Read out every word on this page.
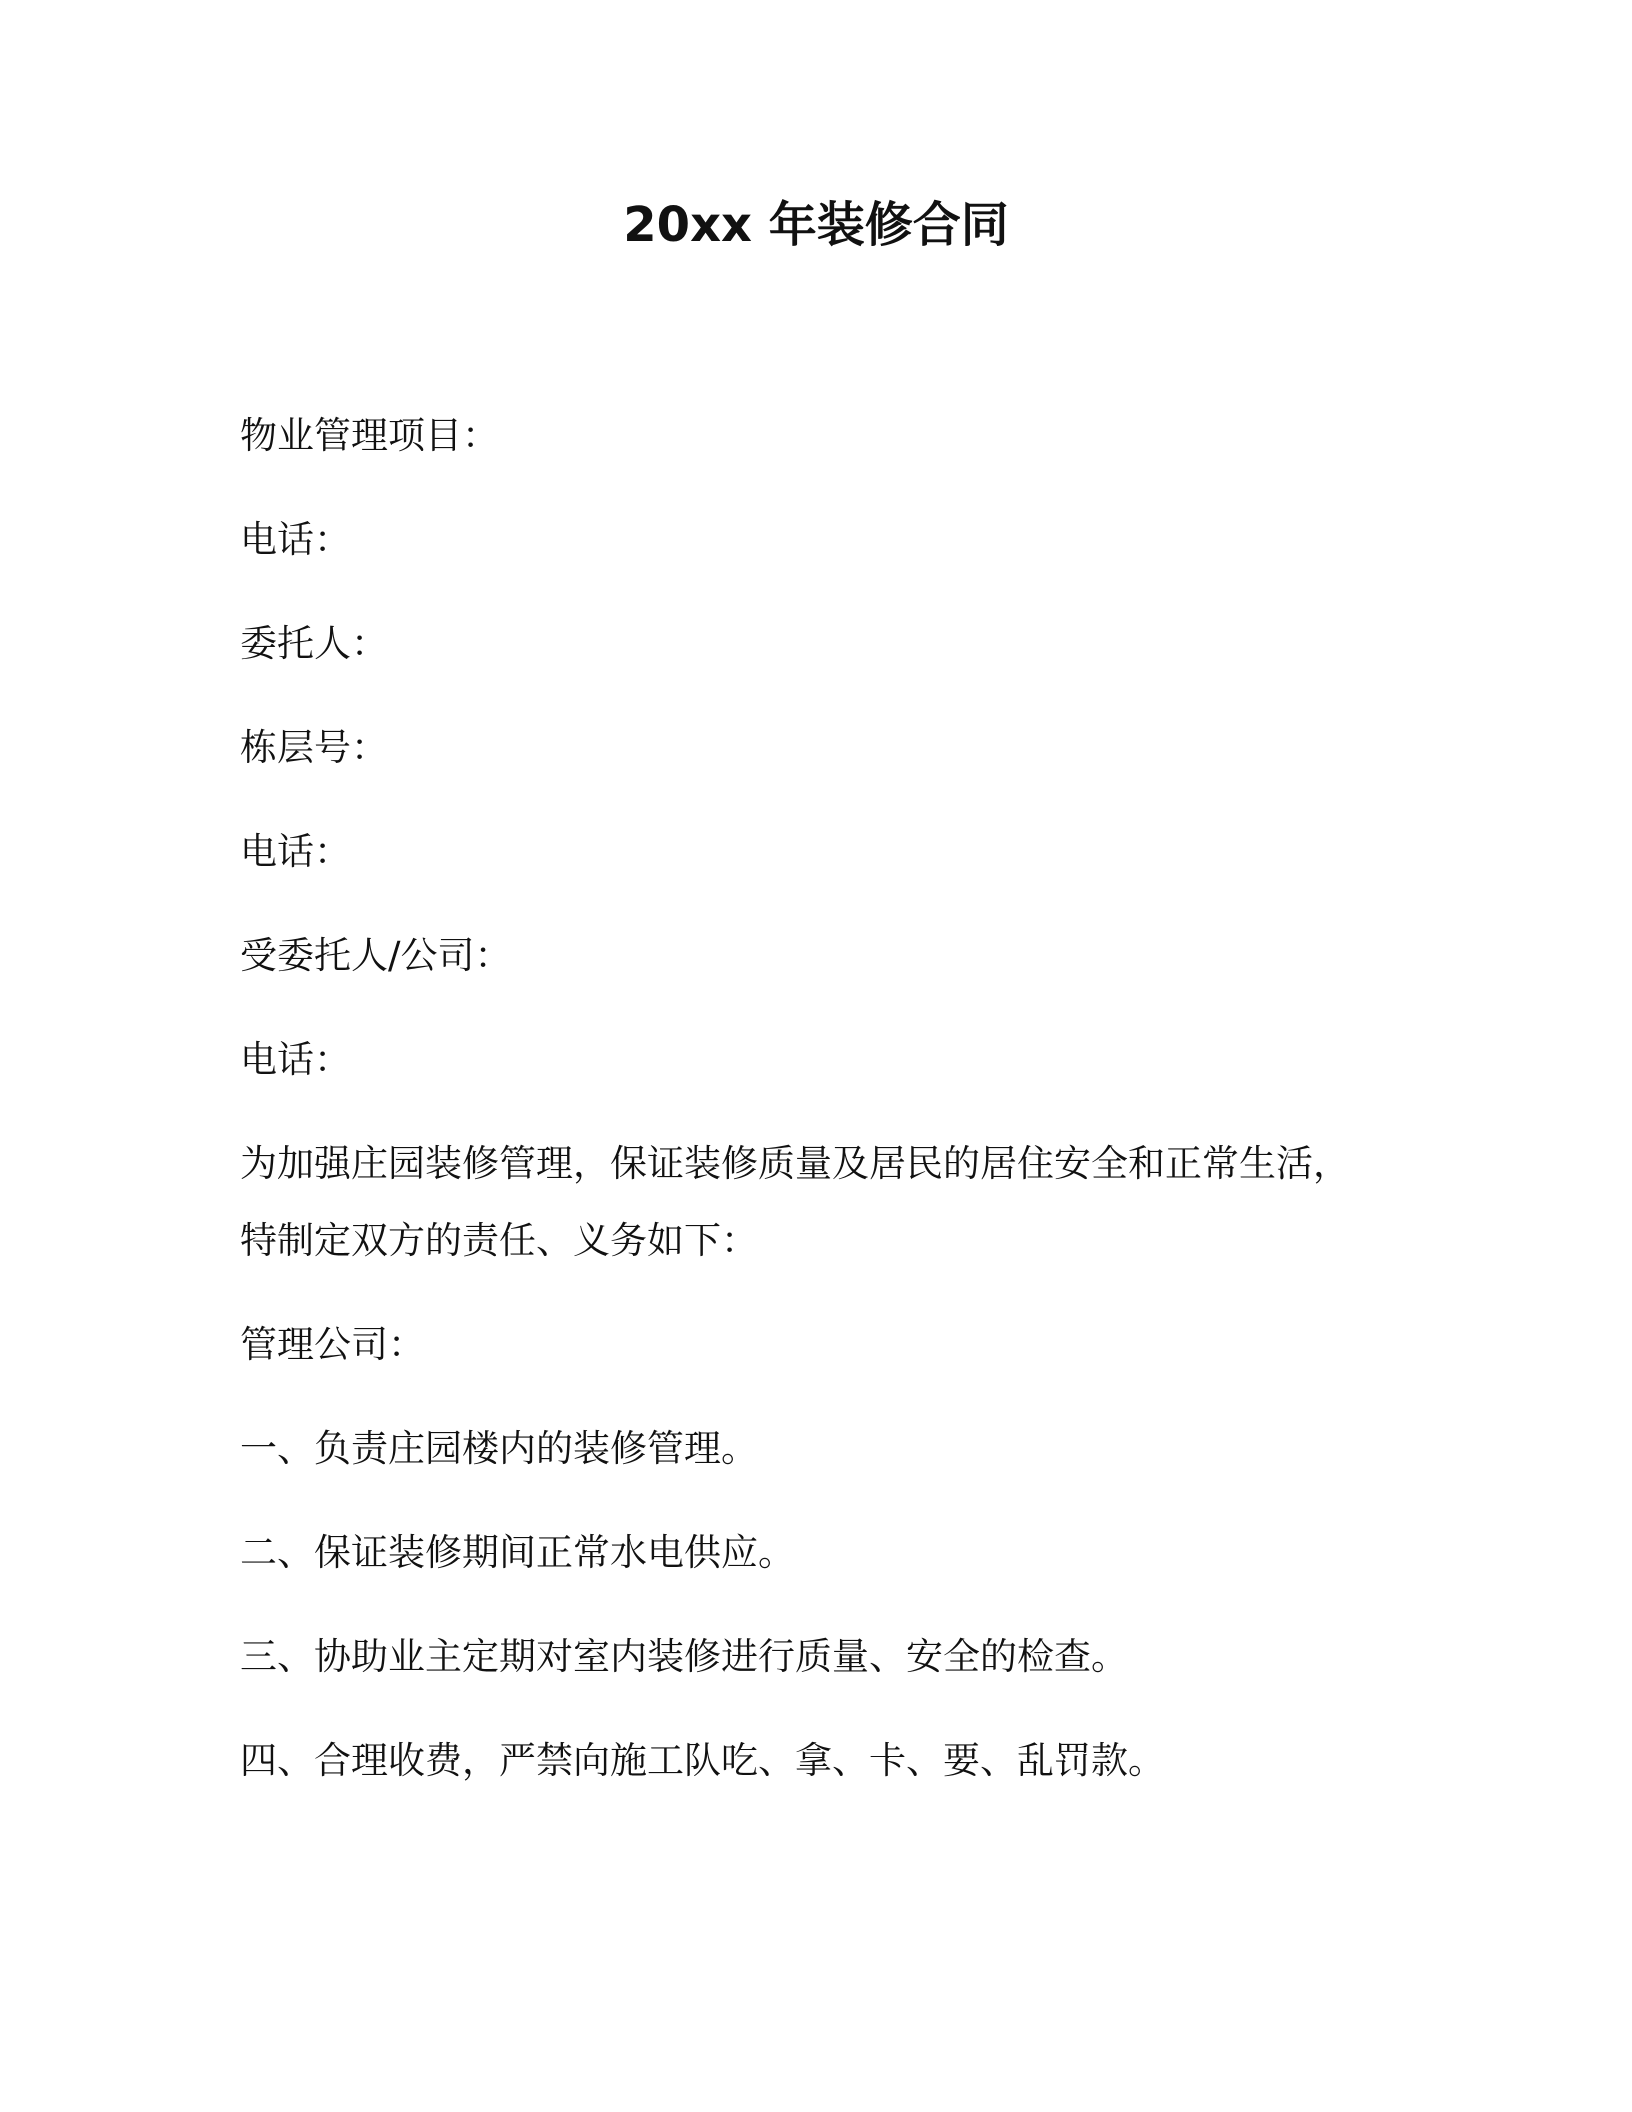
20xx 年装修合同

物业管理项目：

电话：

委托人：

栋层号：

电话：

受委托人/公司：

电话：

为加强庄园装修管理，保证装修质量及居民的居住安全和正常生活，

特制定双方的责任、义务如下：

管理公司：

一、负责庄园楼内的装修管理。

二、保证装修期间正常水电供应。

三、协助业主定期对室内装修进行质量、安全的检查。

四、合理收费，严禁向施工队吃、拿、卡、要、乱罚款。
